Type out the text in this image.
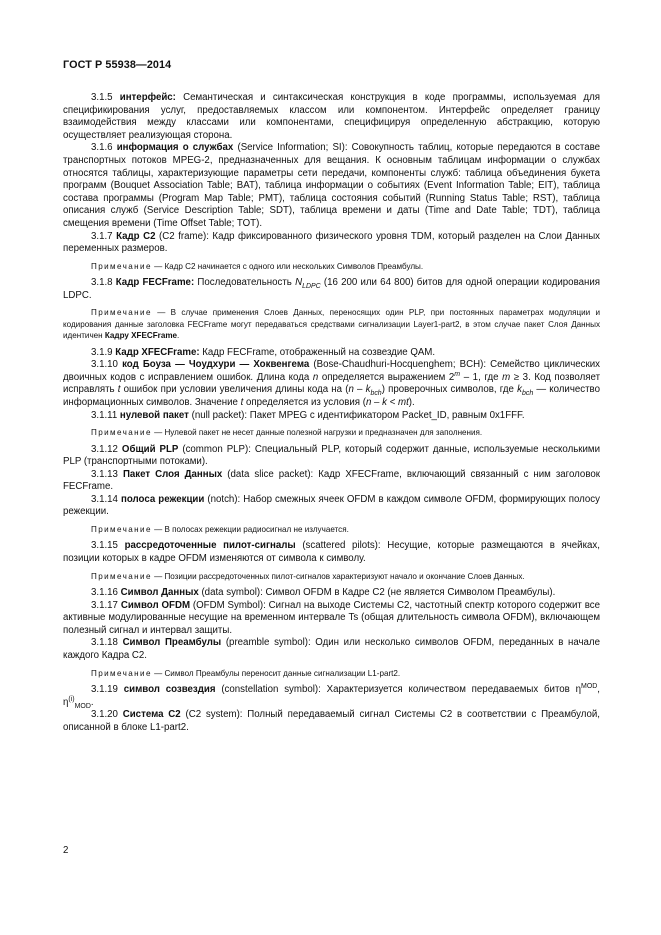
ГОСТ Р 55938—2014

3.1.5 интерфейс: Семантическая и синтаксическая конструкция в коде программы, используемая для спецификирования услуг, предоставляемых классом или компонентом. Интерфейс определяет границу взаимодействия между классами или компонентами, специфицируя определенную абстракцию, которую осуществляет реализующая сторона.

3.1.6 информация о службах (Service Information; SI): Совокупность таблиц, которые передаются в составе транспортных потоков MPEG-2, предназначенных для вещания. К основным таблицам информации о службах относятся таблицы, характеризующие параметры сети передачи, компоненты служб: таблица объединения букета программ (Bouquet Association Table; BAT), таблица информации о событиях (Event Information Table; EIT), таблица состава программы (Program Map Table; PMT), таблица состояния событий (Running Status Table; RST), таблица описания служб (Service Description Table; SDT), таблица времени и даты (Time and Date Table; TDT), таблица смещения времени (Time Offset Table; TOT).

3.1.7 Кадр C2 (C2 frame): Кадр фиксированного физического уровня TDM, который разделен на Слои Данных переменных размеров.

Примечание — Кадр C2 начинается с одного или нескольких Символов Преамбулы.

3.1.8 Кадр FECFrame: Последовательность $N_{LDPC}$ (16 200 или 64 800) битов для одной операции кодирования LDPC.

Примечание — В случае применения Слоев Данных, переносящих один PLP, при постоянных параметрах модуляции и кодирования данные заголовка FECFrame могут передаваться средствами сигнализации Layer1-part2, в этом случае пакет Слоя Данных идентичен Кадру XFECFrame.

3.1.9 Кадр XFECFrame: Кадр FECFrame, отображенный на созвездие QAM.

3.1.10 код Боуза — Чоудхури — Хоквенгема (Bose-Chaudhuri-Hocquenghem; BCH): Семейство циклических двоичных кодов с исправлением ошибок. Длина кода n определяется выражением 2$^m$ – 1, где m ≥ 3. Код позволяет исправлять t ошибок при условии увеличения длины кода на $(n - k_{bch})$ проверочных символов, где $k_{bch}$ — количество информационных символов. Значение t определяется из условия (n – k < mt).

3.1.11 нулевой пакет (null packet): Пакет MPEG с идентификатором Packet_ID, равным 0x1FFF.

Примечание — Нулевой пакет не несет данные полезной нагрузки и предназначен для заполнения.

3.1.12 Общий PLP (common PLP): Специальный PLP, который содержит данные, используемые несколькими PLP (транспортными потоками).

3.1.13 Пакет Слоя Данных (data slice packet): Кадр XFECFrame, включающий связанный с ним заголовок FECFrame.

3.1.14 полоса режекции (notch): Набор смежных ячеек OFDM в каждом символе OFDM, формирующих полосу режекции.

Примечание — В полосах режекции радиосигнал не излучается.

3.1.15 рассредоточенные пилот-сигналы (scattered pilots): Несущие, которые размещаются в ячейках, позиции которых в кадре OFDM изменяются от символа к символу.

Примечание — Позиции рассредоточенных пилот-сигналов характеризуют начало и окончание Слоев Данных.

3.1.16 Символ Данных (data symbol): Символ OFDM в Кадре C2 (не является Символом Преамбулы).

3.1.17 Символ OFDM (OFDM Symbol): Сигнал на выходе Системы C2, частотный спектр которого содержит все активные модулированные несущие на временном интервале Ts (общая длительность символа OFDM), включающем полезный сигнал и интервал защиты.

3.1.18 Символ Преамбулы (preamble symbol): Один или несколько символов OFDM, переданных в начале каждого Кадра C2.

Примечание — Символ Преамбулы переносит данные сигнализации L1-part2.

3.1.19 символ созвездия (constellation symbol): Характеризуется количеством передаваемых битов $\eta^{MOD}$, $\eta^{(i)}_{MOD}$.

3.1.20 Система C2 (C2 system): Полный передаваемый сигнал Системы C2 в соответствии с Преамбулой, описанной в блоке L1-part2.

2
